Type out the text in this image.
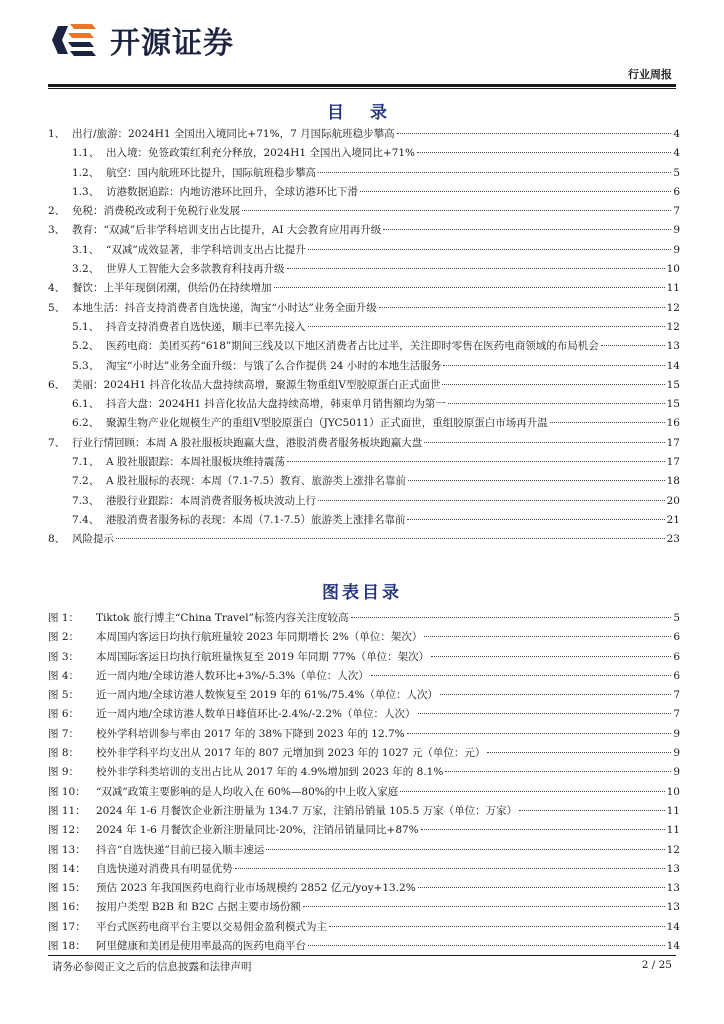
开源证券
行业周报
目 录
1、 出行/旅游：2024H1 全国出入境同比+71%，7 月国际航班稳步攀高	4
1.1、 出入境：免签政策红利充分释放，2024H1 全国出入境同比+71%	4
1.2、 航空：国内航班环比提升，国际航班稳步攀高	5
1.3、 访港数据追踪：内地访港环比回升，全球访港环比下滑	6
2、 免税：消费税改或利于免税行业发展	7
3、 教育：“双减”后非学科培训支出占比提升，AI 大会教育应用再升级	9
3.1、 “双减”成效显著，非学科培训支出占比提升	9
3.2、 世界人工智能大会多款教育科技再升级	10
4、 餐饮：上半年现倒闭潮，供给仍在持续增加	11
5、 本地生活：抖音支持消费者自选快递，淘宝“小时达”业务全面升级	12
5.1、 抖音支持消费者自选快递，顺丰已率先接入	12
5.2、 医药电商：美团买药“618”期间三线及以下地区消费者占比过半，关注即时零售在医药电商领域的布局机会	13
5.3、 淘宝“小时达”业务全面升级：与饿了么合作提供 24 小时的本地生活服务	14
6、 美丽：2024H1 抖音化妆品大盘持续高增，聚源生物重组Ⅴ型胶原蛋白正式面世	15
6.1、 抖音大盘：2024H1 抖音化妆品大盘持续高增，韩束单月销售额均为第一	15
6.2、 聚源生物产业化规模生产的重组Ⅴ型胶原蛋白（JYC5011）正式面世，重组胶原蛋白市场再升温	16
7、 行业行情回顾：本周 A 股社服板块跑赢大盘，港股消费者服务板块跑赢大盘	17
7.1、 A 股社服跟踪：本周社服板块维持震荡	17
7.2、 A 股社服标的表现：本周（7.1-7.5）教育、旅游类上涨排名靠前	18
7.3、 港股行业跟踪：本周消费者服务板块波动上行	20
7.4、 港股消费者服务标的表现：本周（7.1-7.5）旅游类上涨排名靠前	21
8、 风险提示	23
图表目录
图 1：	Tiktok 旅行博主“China Travel”标签内容关注度较高	5
图 2：	本周国内客运日均执行航班量较 2023 年同期增长 2%（单位：架次）	6
图 3：	本周国际客运日均执行航班量恢复至 2019 年同期 77%（单位：架次）	6
图 4：	近一周内地/全球访港人数环比+3%/-5.3%（单位：人次）	6
图 5：	近一周内地/全球访港人数恢复至 2019 年的 61%/75.4%（单位：人次）	7
图 6：	近一周内地/全球访港人数单日峰值环比-2.4%/-2.2%（单位：人次）	7
图 7：	校外学科培训参与率由 2017 年的 38%下降到 2023 年的 12.7%	9
图 8：	校外非学科平均支出从 2017 年的 807 元增加到 2023 年的 1027 元（单位：元）	9
图 9：	校外非学科类培训的支出占比从 2017 年的 4.9%增加到 2023 年的 8.1%	9
图 10： “双减”政策主要影响的是人均收入在 60%—80%的中上收入家庭	10
图 11： 2024 年 1-6 月餐饮企业新注册量为 134.7 万家，注销吊销量 105.5 万家（单位：万家）	11
图 12： 2024 年 1-6 月餐饮企业新注册量同比-20%，注销吊销量同比+87%	11
图 13： 抖音“自选快递”目前已接入顺丰速运	12
图 14： 自选快递对消费具有明显优势	13
图 15： 预估 2023 年我国医药电商行业市场规模约 2852 亿元/yoy+13.2%	13
图 16： 按用户类型 B2B 和 B2C 占据主要市场份额	13
图 17： 平台式医药电商平台主要以交易佣金盈利模式为主	14
图 18： 阿里健康和美团是使用率最高的医药电商平台	14
请务必参阅正文之后的信息披露和法律声明	2 / 25
